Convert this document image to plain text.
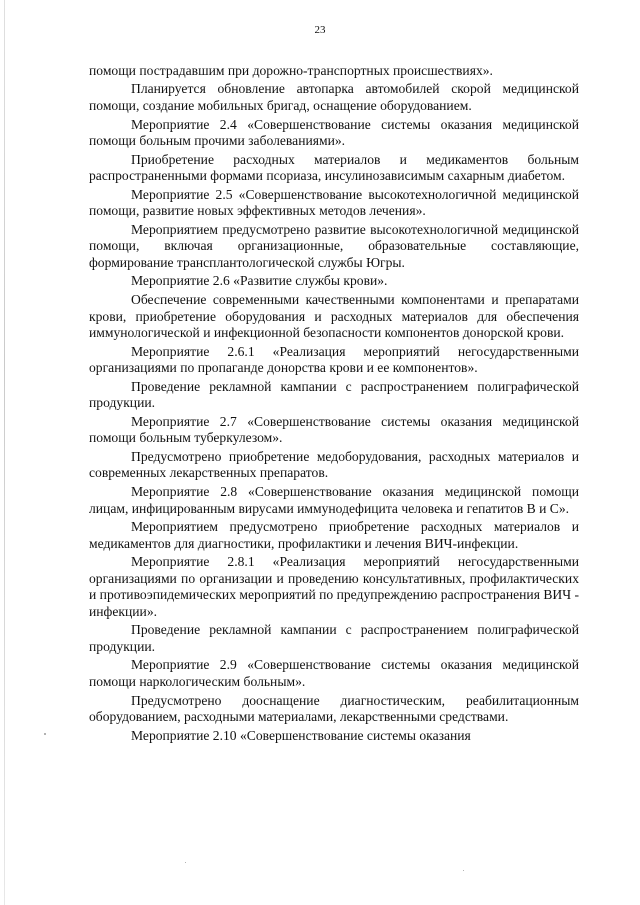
23

помощи пострадавшим при дорожно-транспортных происшествиях».

Планируется обновление автопарка автомобилей скорой медицинской помощи, создание мобильных бригад, оснащение оборудованием.

Мероприятие 2.4 «Совершенствование системы оказания медицинской помощи больным прочими заболеваниями».

Приобретение расходных материалов и медикаментов больным распространенными формами псориаза, инсулинозависимым сахарным диабетом.

Мероприятие 2.5 «Совершенствование высокотехнологичной медицинской помощи, развитие новых эффективных методов лечения».

Мероприятием предусмотрено развитие высокотехнологичной медицинской помощи, включая организационные, образовательные составляющие, формирование трансплантологической службы Югры.

Мероприятие 2.6 «Развитие службы крови».

Обеспечение современными качественными компонентами и препаратами крови, приобретение оборудования и расходных материалов для обеспечения иммунологической и инфекционной безопасности компонентов донорской крови.

Мероприятие 2.6.1 «Реализация мероприятий негосударственными организациями по пропаганде донорства крови и ее компонентов».

Проведение рекламной кампании с распространением полиграфической продукции.

Мероприятие 2.7 «Совершенствование системы оказания медицинской помощи больным туберкулезом».

Предусмотрено приобретение медоборудования, расходных материалов и современных лекарственных препаратов.

Мероприятие 2.8 «Совершенствование оказания медицинской помощи лицам, инфицированным вирусами иммунодефицита человека и гепатитов В и С».

Мероприятием предусмотрено приобретение расходных материалов и медикаментов для диагностики, профилактики и лечения ВИЧ-инфекции.

Мероприятие 2.8.1 «Реализация мероприятий негосударственными организациями по организации и проведению консультативных, профилактических и противоэпидемических мероприятий по предупреждению распространения ВИЧ - инфекции».

Проведение рекламной кампании с распространением полиграфической продукции.

Мероприятие 2.9 «Совершенствование системы оказания медицинской помощи наркологическим больным».

Предусмотрено дооснащение диагностическим, реабилитационным оборудованием, расходными материалами, лекарственными средствами.

Мероприятие 2.10 «Совершенствование системы оказания
